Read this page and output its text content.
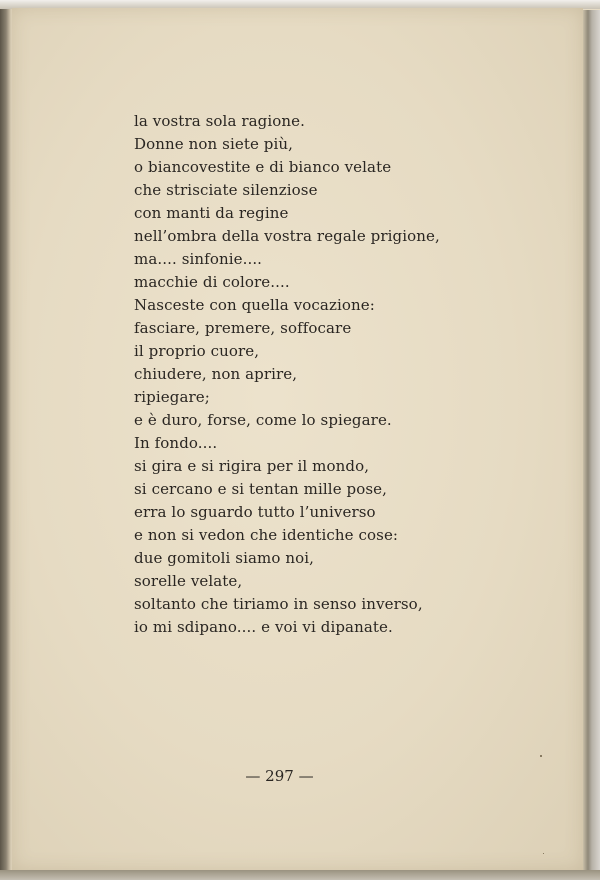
la vostra sola ragione.
Donne non siete più,
o biancovestite e di bianco velate
che strisciate silenziose
con manti da regine
nell’ombra della vostra regale prigione,
ma.... sinfonie....
macchie di colore....
Nasceste con quella vocazione:
fasciare, premere, soffocare
il proprio cuore,
chiudere, non aprire,
ripiegare;
e è duro, forse, come lo spiegare.
In fondo....
si gira e si rigira per il mondo,
si cercano e si tentan mille pose,
erra lo sguardo tutto l’universo
e non si vedon che identiche cose:
due gomitoli siamo noi,
sorelle velate,
soltanto che tiriamo in senso inverso,
io mi sdipano.... e voi vi dipanate.
— 297 —
